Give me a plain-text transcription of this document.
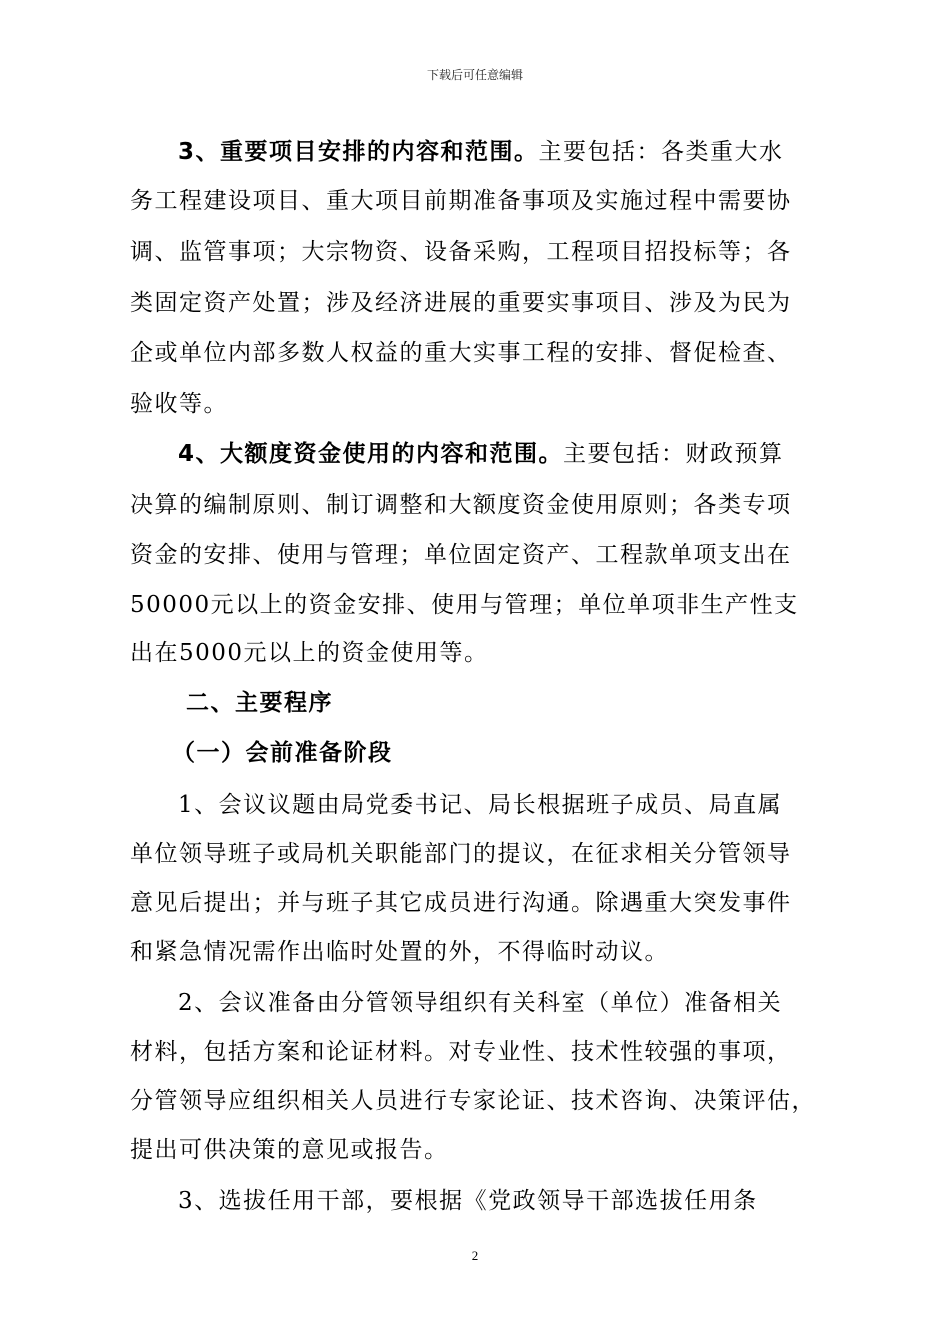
下载后可任意编辑
3、重要项目安排的内容和范围。主要包括：各类重大水
务工程建设项目、重大项目前期准备事项及实施过程中需要协
调、监管事项；大宗物资、设备采购，工程项目招投标等；各
类固定资产处置；涉及经济进展的重要实事项目、涉及为民为
企或单位内部多数人权益的重大实事工程的安排、督促检查、
验收等。
4、大额度资金使用的内容和范围。主要包括：财政预算
决算的编制原则、制订调整和大额度资金使用原则；各类专项
资金的安排、使用与管理；单位固定资产、工程款单项支出在
50000元以上的资金安排、使用与管理；单位单项非生产性支
出在5000元以上的资金使用等。
二、主要程序
（一）会前准备阶段
1、会议议题由局党委书记、局长根据班子成员、局直属
单位领导班子或局机关职能部门的提议，在征求相关分管领导
意见后提出；并与班子其它成员进行沟通。除遇重大突发事件
和紧急情况需作出临时处置的外，不得临时动议。
2、会议准备由分管领导组织有关科室（单位）准备相关
材料，包括方案和论证材料。对专业性、技术性较强的事项，
分管领导应组织相关人员进行专家论证、技术咨询、决策评估，
提出可供决策的意见或报告。
3、选拔任用干部，要根据《党政领导干部选拔任用条
2
